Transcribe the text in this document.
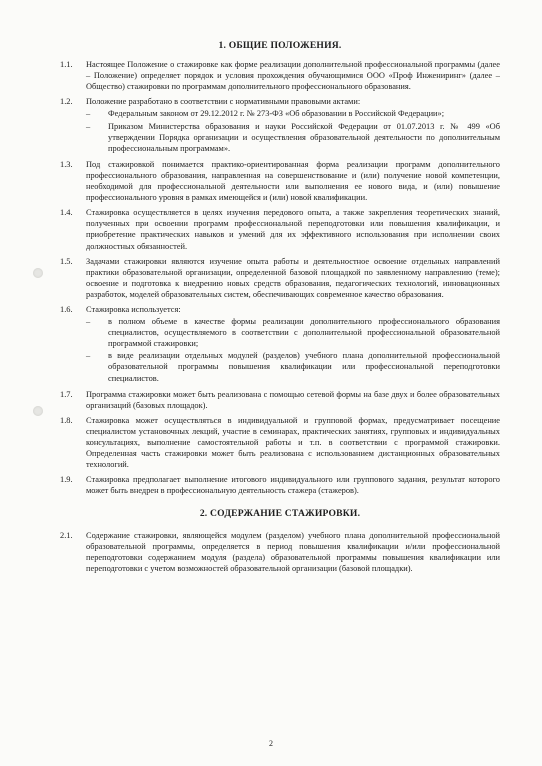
1. ОБЩИЕ ПОЛОЖЕНИЯ.
1.1.	Настоящее Положение о стажировке как форме реализации дополнительной профессиональной программы (далее – Положение) определяет порядок и условия прохождения обучающимися ООО «Проф Инжениринг» (далее – Общество) стажировки по программам дополнительного профессионального образования.

1.2.	Положение разработано в соответствии с нормативными правовыми актами:

– Федеральным законом от 29.12.2012 г. № 273-ФЗ «Об образовании в Российской Федерации»;
– Приказом Министерства образования и науки Российской Федерации от 01.07.2013 г. № 499 «Об утверждении Порядка организации и осуществления образовательной деятельности по дополнительным профессиональным программам».
1.3.	Под стажировкой понимается практико-ориентированная форма реализации программ дополнительного профессионального образования, направленная на совершенствование и (или) получение новой компетенции, необходимой для профессиональной деятельности или выполнения ее нового вида, и (или) повышение профессионального уровня в рамках имеющейся и (или) новой квалификации.

1.4.	Стажировка осуществляется в целях изучения передового опыта, а также закрепления теоретических знаний, полученных при освоении программ профессиональной переподготовки или повышения квалификации, и приобретение практических навыков и умений для их эффективного использования при исполнении своих должностных обязанностей.

1.5.	Задачами стажировки являются изучение опыта работы и деятельностное освоение отдельных направлений практики образовательной организации, определенной базовой площадкой по заявленному направлению (теме); освоение и подготовка к внедрению новых средств образования, педагогических технологий, инновационных разработок, моделей образовательных систем, обеспечивающих современное качество образования.

1.6.	Стажировка используется:

– в полном объеме в качестве формы реализации дополнительного профессионального образования специалистов, осуществляемого в соответствии с дополнительной профессиональной образовательной программой стажировки;
– в виде реализации отдельных модулей (разделов) учебного плана дополнительной профессиональной образовательной программы повышения квалификации или профессиональной переподготовки специалистов.
1.7.	Программа стажировки может быть реализована с помощью сетевой формы на базе двух и более образовательных организаций (базовых площадок).

1.8.	Стажировка может осуществляться в индивидуальной и групповой формах, предусматривает посещение специалистом установочных лекций, участие в семинарах, практических занятиях, групповых и индивидуальных консультациях, выполнение самостоятельной работы и т.п. в соответствии с программой стажировки. Определенная часть стажировки может быть реализована с использованием дистанционных образовательных технологий.

1.9.	Стажировка предполагает выполнение итогового индивидуального или группового задания, результат которого может быть внедрен в профессиональную деятельность стажера (стажеров).

2. СОДЕРЖАНИЕ СТАЖИРОВКИ.
2.1.	Содержание стажировки, являющейся модулем (разделом) учебного плана дополнительной профессиональной образовательной программы, определяется в период повышения квалификации и/или профессиональной переподготовки содержанием модуля (раздела) образовательной программы повышения квалификации или переподготовки с учетом возможностей образовательной организации (базовой площадки).

2
